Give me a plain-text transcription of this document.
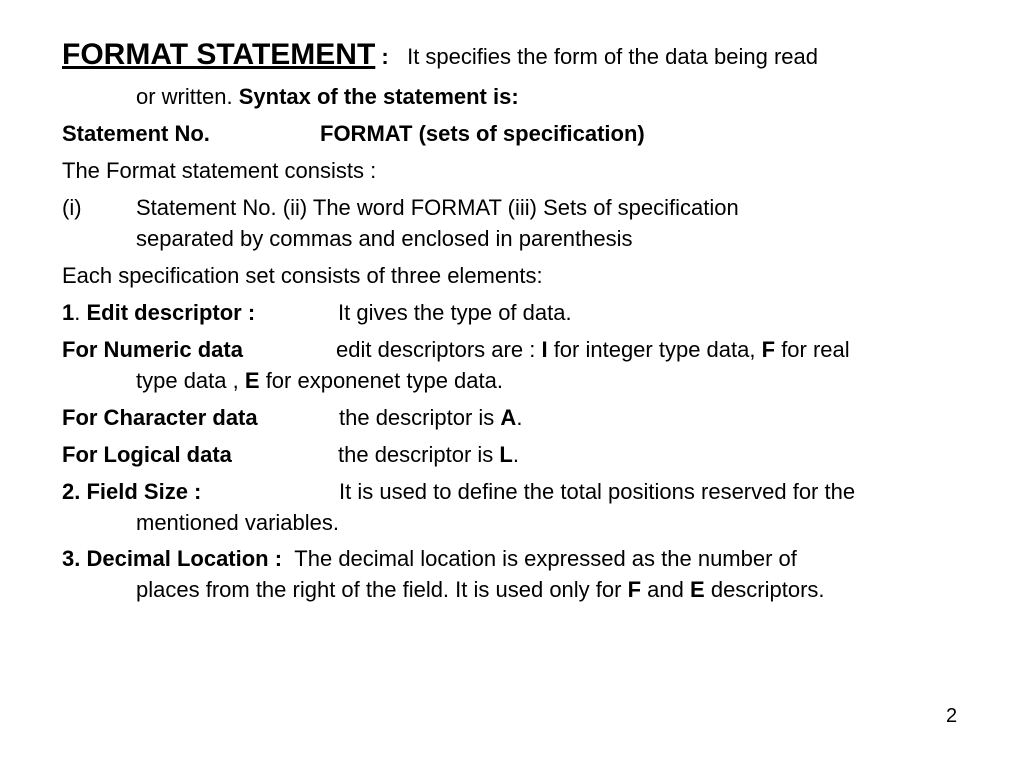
FORMAT STATEMENT : It specifies the form of the data being read
or written. Syntax of the statement is:
Statement No.	FORMAT (sets of specification)
The Format statement consists :
(i) Statement No. (ii) The word FORMAT (iii) Sets of specification
separated by commas and enclosed in parenthesis
Each specification set consists of three elements:
1. Edit descriptor :	It gives the type of data.
For Numeric data	edit descriptors are : I for integer type data, F for real
type data , E for exponenet type data.
For Character data	the descriptor is A.
For Logical data	the descriptor is L.
2. Field Size :	It is used to define the total positions reserved for the
mentioned variables.
3. Decimal Location : The decimal location is expressed as the number of
places from the right of the field. It is used only for F and E descriptors.
2
